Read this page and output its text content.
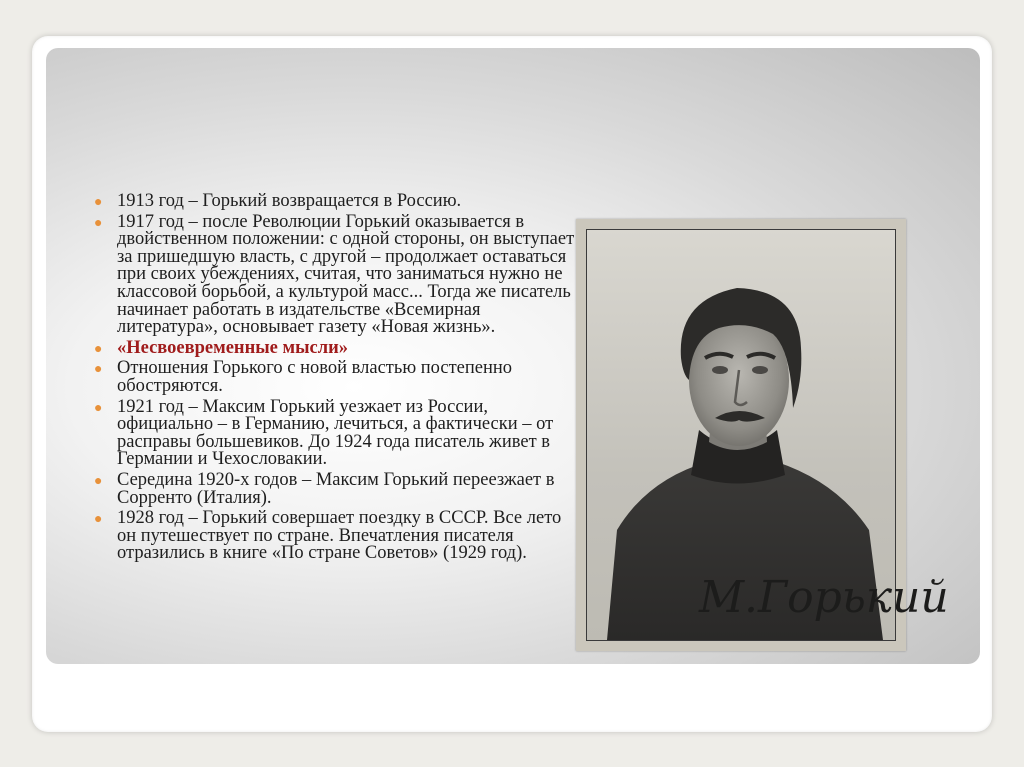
● 1913 год – Горький возвращается в Россию.
● 1917 год – после Революции Горький оказывается в двойственном положении: с одной стороны, он выступает за пришедшую власть, с другой – продолжает оставаться при своих убеждениях, считая, что заниматься нужно не классовой борьбой, а культурой масс... Тогда же писатель начинает работать в издательстве «Всемирная литература», основывает газету «Новая жизнь».
● «Несвоевременные мысли»
● Отношения Горького с новой властью постепенно обостряются.
● 1921 год – Максим Горький уезжает из России, официально – в Германию, лечиться, а фактически – от расправы большевиков. До 1924 года писатель живет в Германии и Чехословакии.
● Середина 1920-х годов – Максим Горький переезжает в Сорренто (Италия).
● 1928 год – Горький совершает поездку в СССР. Все лето он путешествует по стране. Впечатления писателя отразились в книге «По стране Советов» (1929 год).
М.Горький
